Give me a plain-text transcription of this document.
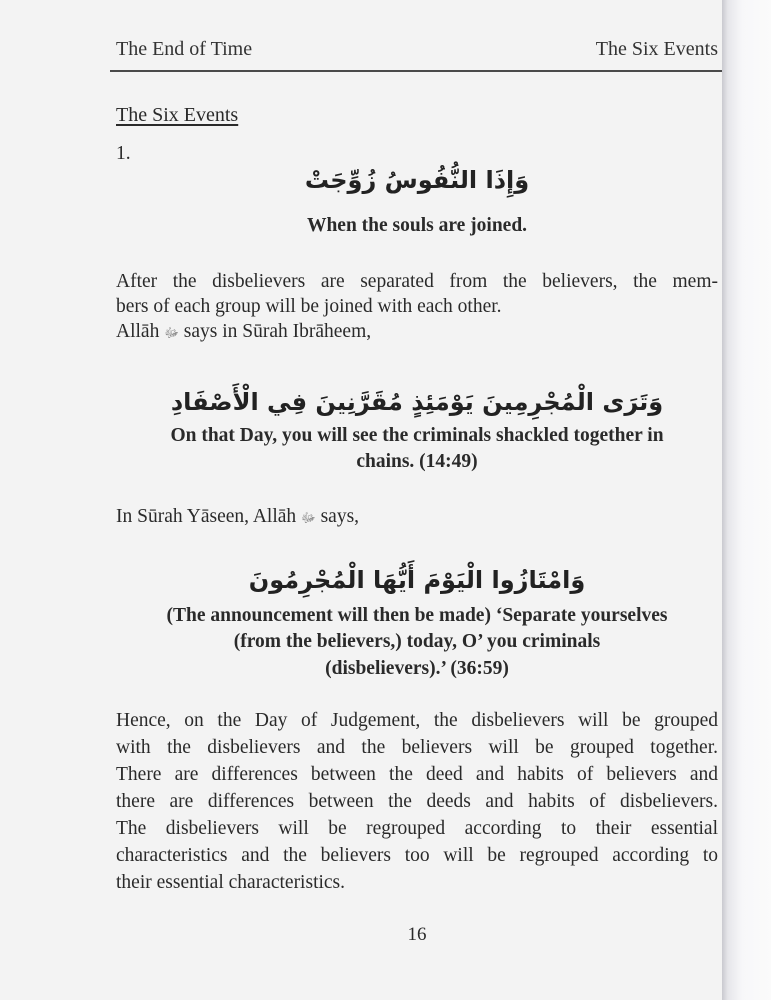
The End of Time	The Six Events
The Six Events
1.
وَإِذَا النُّفُوسُ زُوِّجَتْ
When the souls are joined.
After the disbelievers are separated from the believers, the mem-
bers of each group will be joined with each other.
Allāh ﷻ says in Sūrah Ibrāheem,
وَتَرَى الْمُجْرِمِينَ يَوْمَئِذٍ مُقَرَّنِينَ فِي الْأَصْفَادِ
On that Day, you will see the criminals shackled together in
chains. (14:49)
In Sūrah Yāseen, Allāh ﷻ says,
وَامْتَازُوا الْيَوْمَ أَيُّهَا الْمُجْرِمُونَ
(The announcement will then be made) ‘Separate yourselves
(from the believers,) today, O’ you criminals
(disbelievers).’ (36:59)
Hence, on the Day of Judgement, the disbelievers will be grouped
with the disbelievers and the believers will be grouped together.
There are differences between the deed and habits of believers and
there are differences between the deeds and habits of disbelievers.
The disbelievers will be regrouped according to their essential
characteristics and the believers too will be regrouped according to
their essential characteristics.
16
